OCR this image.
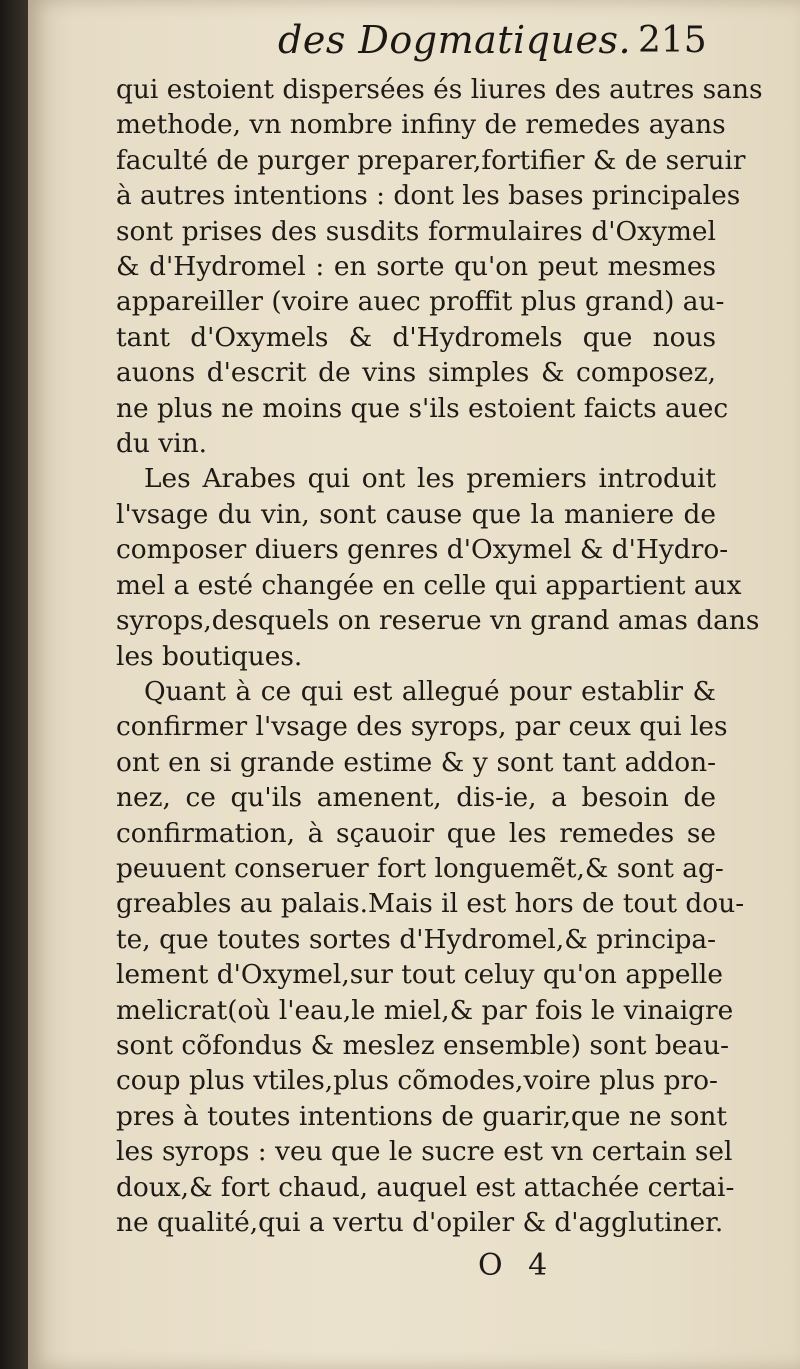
des Dogmatiques. 215
qui estoient dispersées és liures des autres sans
methode, vn nombre infiny de remedes ayans
faculté de purger preparer,fortifier & de seruir
à autres intentions : dont les bases principales
sont prises des susdits formulaires d'Oxymel
& d'Hydromel : en sorte qu'on peut mesmes
appareiller (voire auec proffit plus grand) au-
tant d'Oxymels & d'Hydromels que nous
auons d'escrit de vins simples & composez,
ne plus ne moins que s'ils estoient faicts auec
du vin.
Les Arabes qui ont les premiers introduit
l'vsage du vin, sont cause que la maniere de
composer diuers genres d'Oxymel & d'Hydro-
mel a esté changée en celle qui appartient aux
syrops,desquels on reserue vn grand amas dans
les boutiques.
Quant à ce qui est allegué pour establir &
confirmer l'vsage des syrops, par ceux qui les
ont en si grande estime & y sont tant addon-
nez, ce qu'ils amenent, dis-ie, a besoin de
confirmation, à sçauoir que les remedes se
peuuent conseruer fort longuemẽt,& sont ag-
greables au palais.Mais il est hors de tout dou-
te, que toutes sortes d'Hydromel,& principa-
lement d'Oxymel,sur tout celuy qu'on appelle
melicrat(où l'eau,le miel,& par fois le vinaigre
sont cõfondus & meslez ensemble) sont beau-
coup plus vtiles,plus cõmodes,voire plus pro-
pres à toutes intentions de guarir,que ne sont
les syrops : veu que le sucre est vn certain sel
doux,& fort chaud, auquel est attachée certai-
ne qualité,qui a vertu d'opiler & d'agglutiner.
O 4
